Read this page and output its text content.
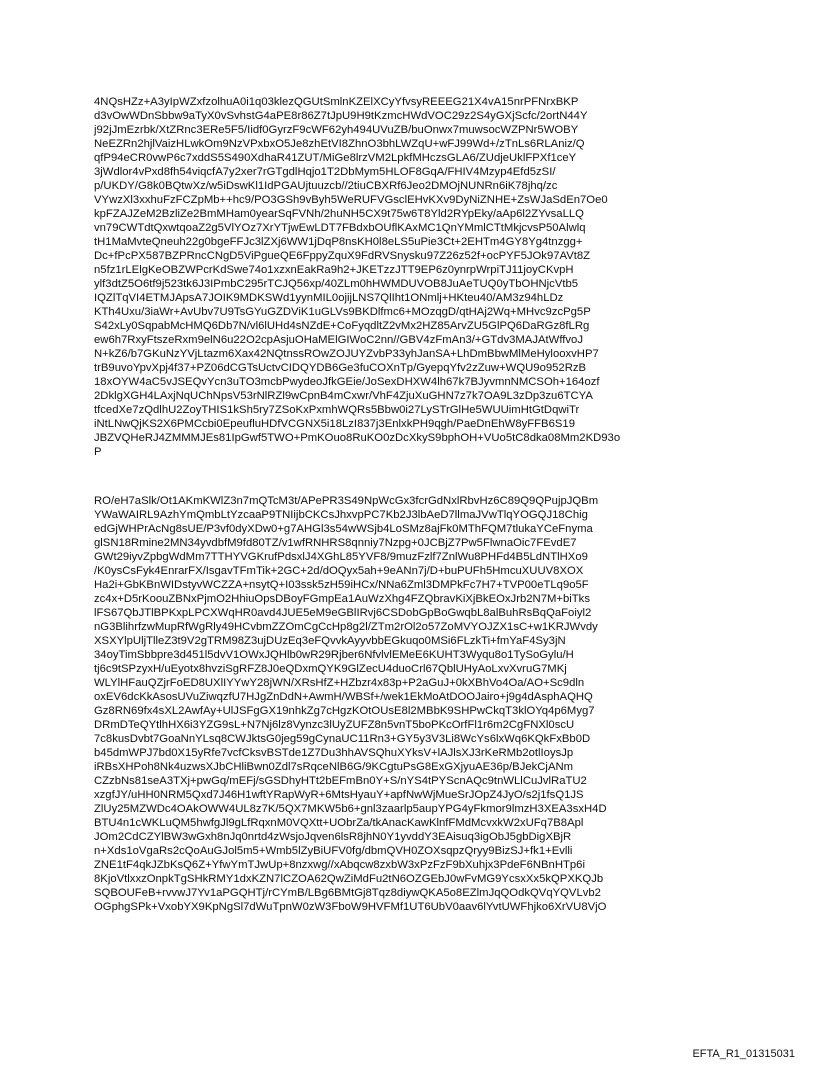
4NQsHZz+A3yIpWZxfzolhuA0i1q03klezQGUtSmlnKZElXCyYfvsyREEEG21X4vA15nrPFNrxBKP
d3vOwWDnSbbw9aTyX0vSvhstG4aPE8r86Z7tJpU9H9tKzmcHWdVOC29z2S4yGXjScfc/2ortN44Y
j92jJmEzrbk/XtZRnc3ERe5F5/Iidf0GyrzF9cWF62yh494UVuZB/buOnwx7muwsocWZPNr5WOBY
NeEZRn2hjlVaizHLwkOm9NzVPxbxO5Je8zhEtVI8ZhnO3bhLWZqU+wFJ99Wd+/zTnLs6RLAniz/Q
qfP94eCR0vwP6c7xddS5S490XdhaR41ZUT/MiGe8lrzVM2LpkfMHczsGLA6/ZUdjeUklFPXf1ceY
3jWdlor4vPxd8fh54viqcfA7y2xer7rGTgdlHqjo1T2DbMym5HLOF8GqA/FHIV4Mzyp4Efd5zSI/
p/UKDY/G8k0BQtwXz/w5iDswKl1IdPGAUjtuuzcb//2tiuCBXRf6Jeo2DMOjNUNRn6iK78jhq/zc
VYwzXl3xxhuFzFCZpMb++hc9/PO3GSh9vByh5WeRUFVGsclEHvKXv9DyNiZNHE+ZsWJaSdEn7Oe0
kpFZAJZeM2BzliZe2BmMHam0yearSqFVNh/2huNH5CX9t75w6T8Yld2RYpEky/aAp6l2ZYvsaLLQ
vn79CWTdtQxwtqoaZ2g5VlYOz7XrYTjwEwLDT7FBdxbOUflKAxMC1QnYMmlCTtMkjcvsP50Alwlq
tH1MaMvteQneuh22g0bgeFFJc3lZXj6WW1jDqP8nsKH0l8eLS5uPie3Ct+2EHTm4GY8Yg4tnzgg+
Dc+fPcPX587BZPRncCNgD5ViPgueQE6FppyZquX9FdRVSnysku97Z26z52f+ocPYF5JOk97AVt8Z
n5fz1rLElgKeOBZWPcrKdSwe74o1xzxnEakRa9h2+JKETzzJTT9EP6z0ynrpWrpiTJ11joyCKvpH
ylf3dtZ5O6tf9j523tk6J3IPmbC295rTCJQ56xp/40ZLm0hHWMDUVOB8JuAeTUQ0yTbOHNjcVtb5
IQZlTqVI4ETMJApsA7JOIK9MDKSWd1yynMIL0ojijLNS7QlIht1ONmlj+HKteu40/AM3z94hLDz
KTh4Uxu/3iaWr+AvUbv7U9TsGYuGZDViK1uGLVs9BKDlfmc6+MOzqgD/qtHAj2Wq+MHvc9zcPg5P
S42xLy0SqpabMcHMQ6Db7N/vl6lUHd4sNZdE+CoFyqdltZ2vMx2HZ85ArvZU5GlPQ6DaRGz8fLRg
ew6h7RxyFtszeRxm9elN6u22O2cpAsjuOHaMElGIWoC2nn//GBV4zFmAn3/+GTdv3MAJAtWffvoJ
N+kZ6/b7GKuNzYVjLtazm6Xax42NQtnssROwZOJUYZvbP33yhJanSA+LhDmBbwMlMeHylooxvHP7
trB9uvoYpvXpj4f37+PZ06dCGTsUctvCIDQYDB6Ge3fuCOXnTp/GyepqYfv2zZuw+WQU9o952RzB
18xOYW4aC5vJSEQvYcn3uTO3mcbPwydeoJfkGEie/JoSexDHXW4lh67k7BJyvmnNMCSOh+164ozf
2DklgXGH4LAxjNqUChNpsV53rNlRZl9wCpnB4mCxwr/VhF4ZjuXuGHN7z7k7OA9L3zDp3zu6TCYA
tfcedXe7zQdlhU2ZoyTHIS1kSh5ry7ZSoKxPxmhWQRs5Bbw0i27LySTrGlHe5WUUimHtGtDqwiTr
iNtLNwQjKS2X6PMCcbi0EpeufluHDfVCGNX5i18LzI837j3EnlxkPH9qgh/PaeDnEhW8yFFB6S19
JBZVQHeRJ4ZMMMJEs81IpGwf5TWO+PmKOuo8RuKO0zDcXkyS9bphOH+VUo5tC8dka08Mm2KD93o
P
RO/eH7aSlk/Ot1AKmKWlZ3n7mQTcM3t/APePR3S49NpWcGx3fcrGdNxlRbvHz6C89Q9QPujpJQBm
YWaWAIRL9AzhYmQmbLtYzcaaP9TNIijbCKCsJhxvpPC7Kb2J3lbAeD7llmaJVwTlqYOGQJ18Chig
edGjWHPrAcNg8sUE/P3vf0dyXDw0+g7AHGl3s54wWSjb4LoSMz8ajFk0MThFQM7tlukaYCeFnyma
glSN18Rmine2MN34yvdbfM9fd80TZ/v1wfRNHRS8qnniy7Nzpg+0JCBjZ7Pw5FlwnaOic7FEvdE7
GWt29iyvZpbgWdMm7TTHYVGKrufPdsxlJ4XGhL85YVF8/9muzFzlf7ZnlWu8PHFd4B5LdNTlHXo9
/K0ysCsFyk4EnrarFX/IsgavTFmTik+2GC+2d/dOQyx5ah+9eANn7j/D+buPUFh5HmcuXUUV8XOX
Ha2i+GbKBnWIDstyvWCZZA+nsytQ+I03ssk5zH59iHCx/NNa6Zml3DMPkFc7H7+TVP00eTLq9o5F
zc4x+D5rKoouZBNxPjmO2HhiuOpsDBoyFGmpEa1AuWzXhg4FZQbravKiXjBkEOxJrb2N7M+biTks
lFS67QbJTlBPKxpLPCXWqHR0avd4JUE5eM9eGBlIRvj6CSDobGpBoGwqbL8alBuhRsBqQaFoiyl2
nG3BlihrfzwMupRfWgRly49HCvbmZZOmCgCcHp8g2l/ZTm2rOl2o57ZoMVYOJZX1sC+w1KRJWvdy
XSXYlpUljTlleZ3t9V2gTRM98Z3ujDUzEq3eFQvvkAyyvbbEGkuqo0MSi6FLzkTi+fmYaF4Sy3jN
34oyTimSbbpre3d451l5dvV1OWxJQHlb0wR29Rjber6NfvlvlEMeE6KUHT3Wyqu8o1TySoGylu/H
tj6c9tSPzyxH/uEyotx8hvziSgRFZ8J0eQDxmQYK9GlZecU4duoCrl67QblUHyAoLxvXvruG7MKj
WLYlHFauQZjrFoED8UXlIYYwY28jWN/XRsHfZ+HZbzr4x83p+P2aGuJ+0kXBhVo4Oa/AO+Sc9dln
oxEV6dcKkAsosUVuZiwqzfU7HJgZnDdN+AwmH/WBSf+/wek1EkMoAtDOOJairo+j9g4dAsphAQHQ
Gz8RN69fx4sXL2AwfAy+UlJSFgGX19nhkZg7cHgzKOtOUsE8l2MBbK9SHPwCkqT3klOYq4p6Myg7
DRmDTeQYtlhHX6i3YZG9sL+N7Nj6lz8Vynzc3lUyZUFZ8n5vnT5boPKcOrfFl1r6m2CgFNXl0scU
7c8kusDvbt7GoaNnYLsq8CWJktsG0jeg59gCynaUC11Rn3+GY5y3V3Li8WcYs6lxWq6KQkFxBb0D
b45dmWPJ7bd0X15yRfe7vcfCksvBSTde1Z7Du3hhAVSQhuXYksV+lAJlsXJ3rKeRMb2otlIoysJp
iRBsXHPoh8Nk4uzwsXJbCHliBwn0Zdl7sRqceNlB6G/9KCgtuPsG8ExGXjyuAE36p/BJekCjANm
CZzbNs81seA3TXj+pwGq/mEFj/sGSDhyHTt2bEFmBn0Y+S/nYS4tPYScnAQc9tnWLlCuJvlRaTU2
xzgfJY/uHH0NRM5Qxd7J46H1wftYRapWyR+6MtsHyauY+apfNwWjMueSrJOpZ4JyO/s2j1fsQ1JS
ZlUy25MZWDc4OAkOWW4UL8z7K/5QX7MKW5b6+gnl3zaarlp5aupYPG4yFkmor9lmzH3XEA3sxH4D
BTU4n1cWKLuQM5hwfgJl9gLfRqxnM0VQXtt+UObrZa/tkAnacKawKlnfFMdMcvxkW2xUFq7B8Apl
JOm2CdCZYlBW3wGxh8nJq0nrtd4zWsjoJqven6lsR8jhN0Y1yvddY3EAisuq3igObJ5gbDigXBjR
n+Xds1oVgaRs2cQoAuGJol5m5+Wmb5lZyBiUFV0fg/dbmQVH0ZOXsqpzQryy9BizSJ+fk1+Evlli
ZNE1tF4qkJZbKsQ6Z+YfwYmTJwUp+8nzxwg//xAbqcw8zxbW3xPzFzF9bXuhjx3PdeF6NBnHTp6i
8KjoVtlxxzOnpkTgSHkRMY1dxKZN7lCZOA62QwZiMdFu2tN6OZGEbJ0wFvMG9YcsxXx5kQPXKQJb
SQBOUFeB+rvvwJ7Yv1aPGQHTj/rCYmB/LBg6BMtGj8Tqz8diywQKA5o8EZlmJqQOdkQVqYQVLvb2
OGphgSPk+VxobYX9KpNgSl7dWuTpnW0zW3FboW9HVFMf1UT6UbV0aav6lYvtUWFhjko6XrVU8VjO
EFTA_R1_01315031
